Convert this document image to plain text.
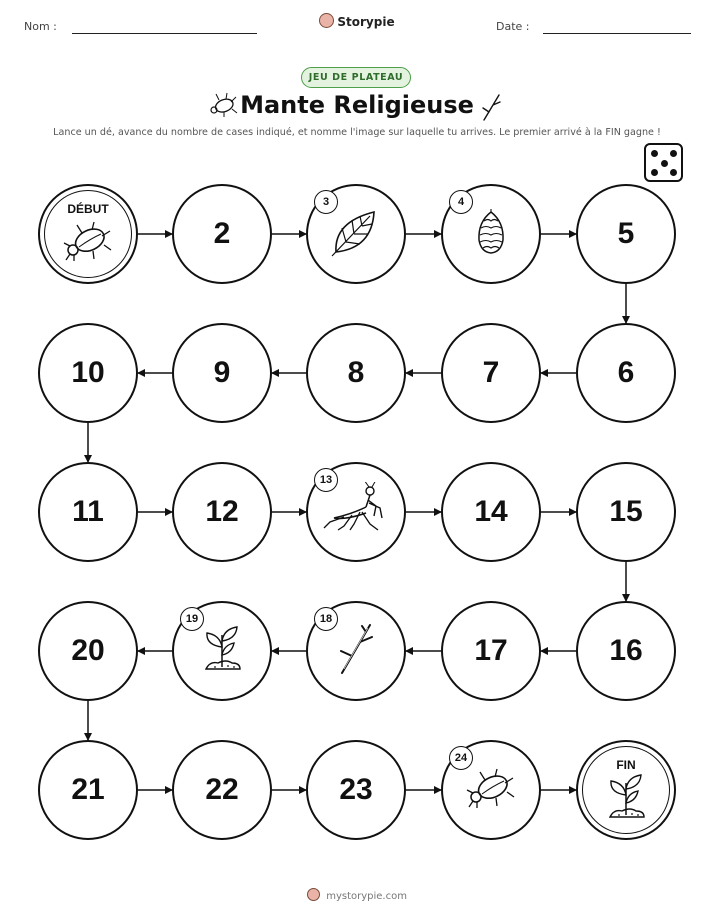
Nom :	Storypie	Date :
JEU DE PLATEAU
Mante Religieuse
Lance un dé, avance du nombre de cases indiqué, et nomme l'image sur laquelle tu arrives. Le premier arrivé à la FIN gagne !
DÉBUT
2
3	4
5
6
7
8
9
10
11	12
13
14	15
16
17
18
19
20
21	22	23
24	FIN
mystorypie.com
